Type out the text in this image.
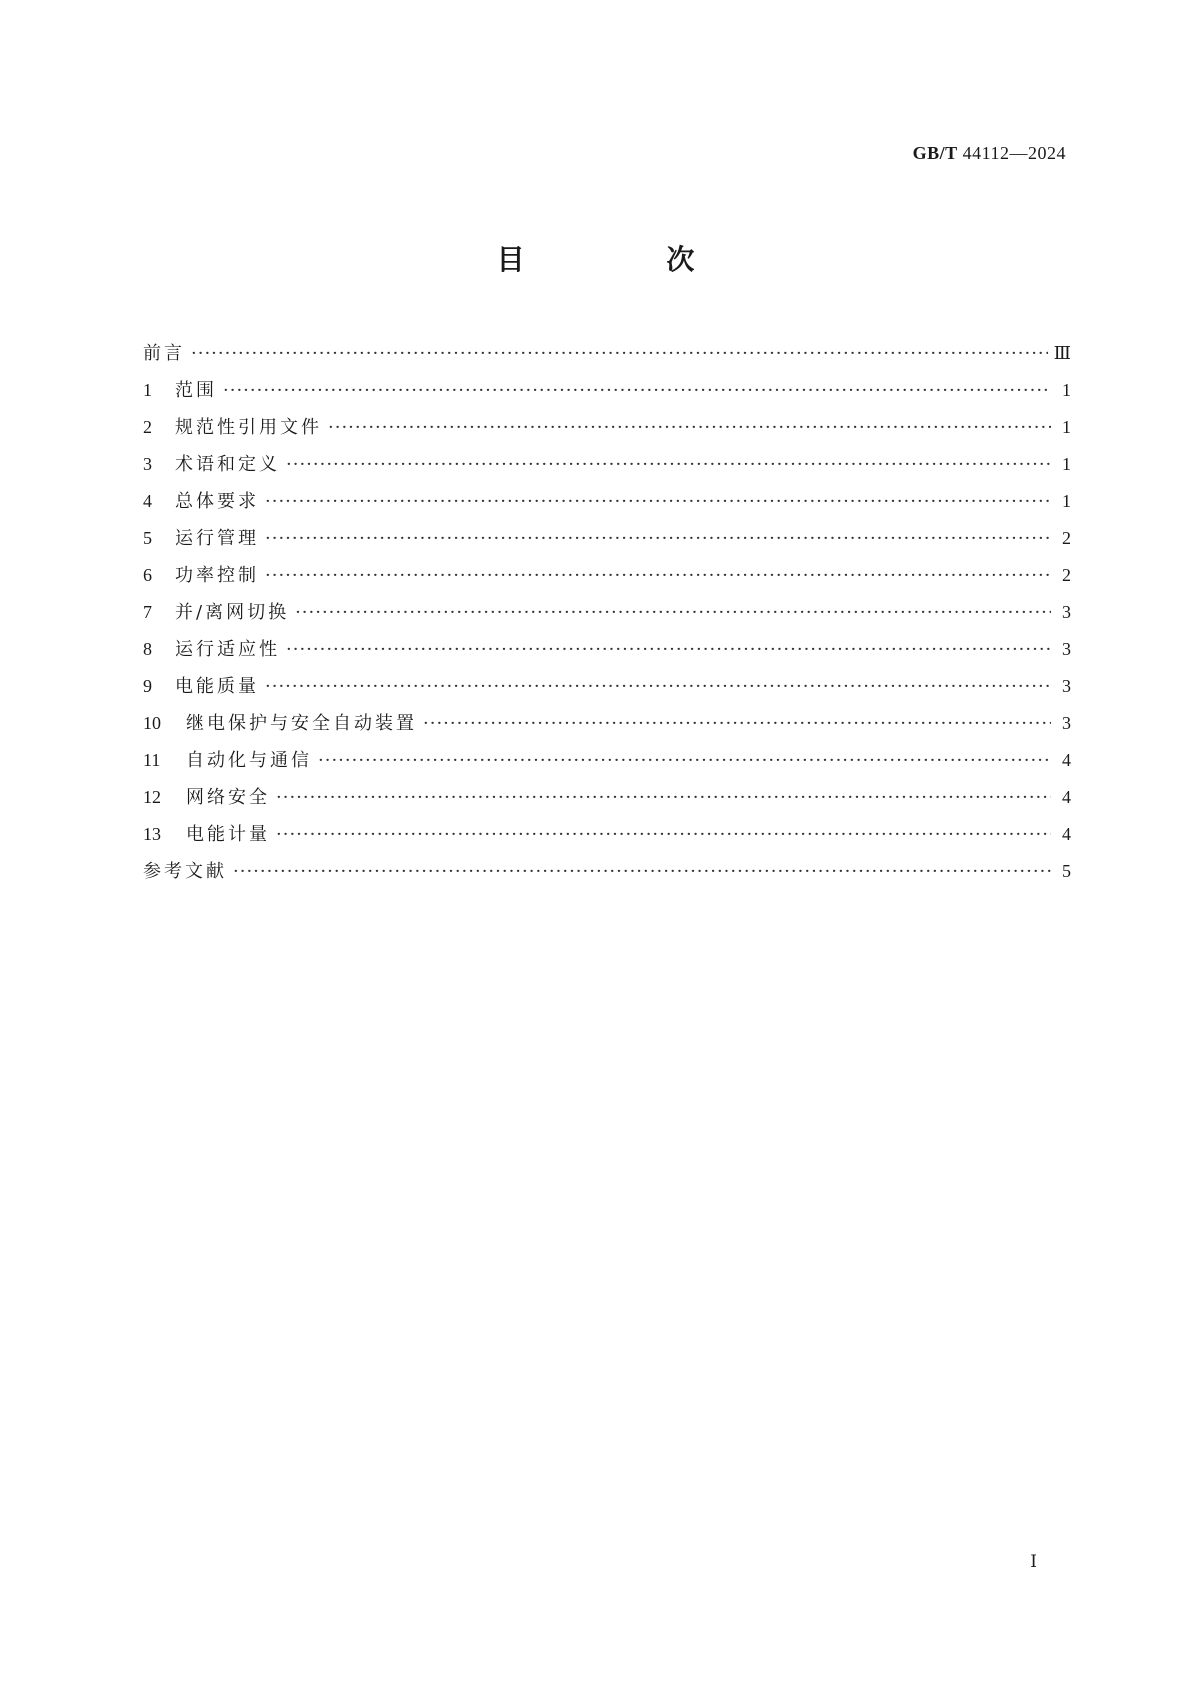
GB/T 44112—2024
目 次
前言 ·····	Ⅲ
1	范围 ·····	1
2	规范性引用文件 ·····	1
3	术语和定义 ·····	1
4	总体要求 ·····	1
5	运行管理 ·····	2
6	功率控制 ·····	2
7	并/离网切换 ·····	3
8	运行适应性 ·····	3
9	电能质量 ·····	3
10	继电保护与安全自动装置 ·····	3
11	自动化与通信 ·····	4
12	网络安全 ·····	4
13	电能计量 ·····	4
参考文献 ·····	5
Ⅰ
